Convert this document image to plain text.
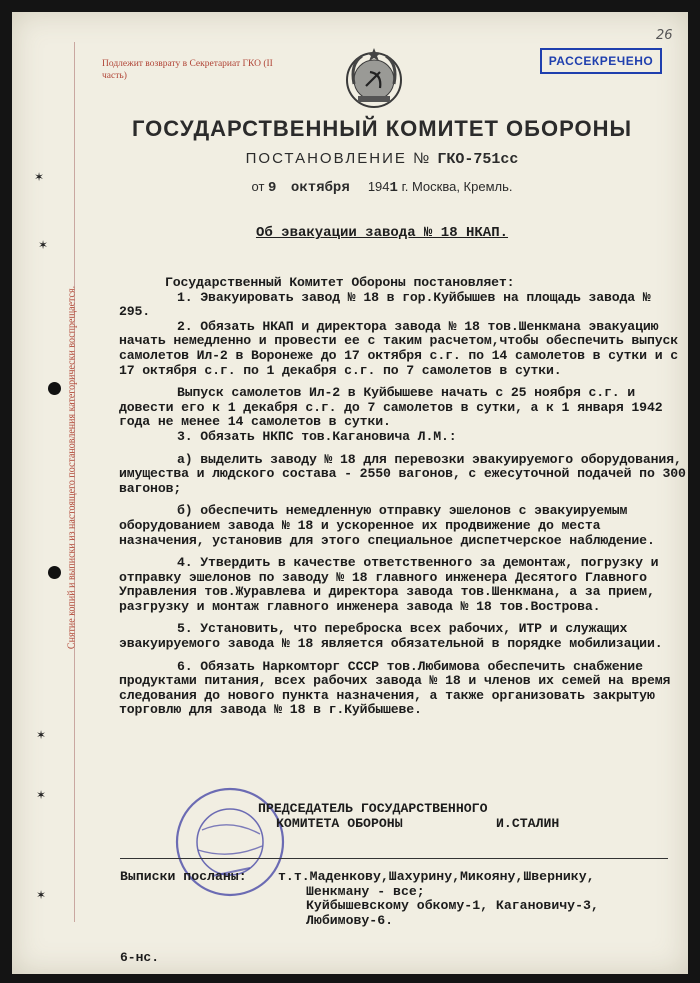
Снятие копий и выписки из настоящего постановления категорически воспрещается.
✶
✶
✶
✶
✶
Подлежит возврату в Секретариат ГКО (II часть)
РАССЕКРЕЧЕНО
26
ГОСУДАРСТВЕННЫЙ КОМИТЕТ ОБОРОНЫ
ПОСТАНОВЛЕНИЕ № ГКО-751сс
от 9 октября 1941 г. Москва, Кремль.
Об эвакуации завода № 18 НКАП.

Государственный Комитет Обороны постановляет:

1. Эвакуировать завод № 18 в гор.Куйбышев на площадь завода № 295.

2. Обязать НКАП и директора завода № 18 тов.Шенкмана эвакуацию начать немедленно и провести ее с таким расчетом,чтобы обеспечить выпуск самолетов Ил-2 в Воронеже до 17 октября с.г. по 14 самолетов в сутки и с 17 октября с.г. по 1 декабря с.г. по 7 самолетов в сутки.

Выпуск самолетов Ил-2 в Куйбышеве начать с 25 ноября с.г. и довести его к 1 декабря с.г. до 7 самолетов в сутки, а к 1 января 1942 года не менее 14 самолетов в сутки.

3. Обязать НКПС тов.Кагановича Л.М.:

а) выделить заводу № 18 для перевозки эвакуируемого оборудования, имущества и людского состава - 2550 вагонов, с ежесуточной подачей по 300 вагонов;

б) обеспечить немедленную отправку эшелонов с эвакуируемым оборудованием завода № 18 и ускоренное их продвижение до места назначения, установив для этого специальное диспетчерское наблюдение.

4. Утвердить в качестве ответственного за демонтаж, погрузку и отправку эшелонов по заводу № 18 главного инженера Десятого Главного Управления тов.Журавлева и директора завода тов.Шенкмана, а за прием, разгрузку и монтаж главного инженера завода № 18 тов.Вострова.

5. Установить, что переброска всех рабочих, ИТР и служащих эвакуируемого завода № 18 является обязательной в порядке мобилизации.

6. Обязать Наркомторг СССР тов.Любимова обеспечить снабжение продуктами питания, всех рабочих завода № 18 и членов их семей на время следования до нового пункта назначения, а также организовать закрытую торговлю для завода № 18 в г.Куйбышеве.

ПРЕДСЕДАТЕЛЬ ГОСУДАРСТВЕННОГО
КОМИТЕТА ОБОРОНЫ	И.СТАЛИН
Выписки посланы: т.т.Маденкову,Шахурину,Микояну,Швернику,
Шенкману - все;
Куйбышевскому обкому-1, Кагановичу-3,
Любимову-6.
6-нс.
